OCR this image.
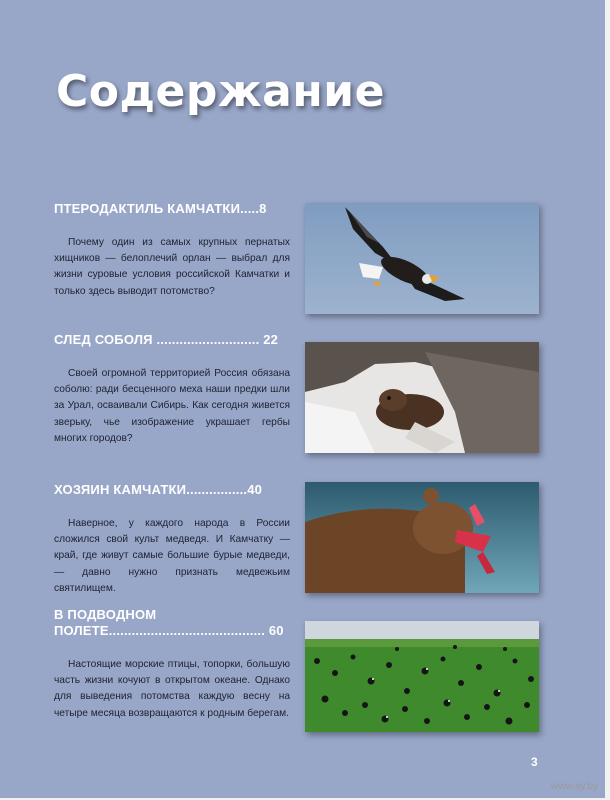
Содержание
ПТЕРОДАКТИЛЬ КАМЧАТКИ.....8
Почему один из самых крупных пернатых хищников — белоплечий орлан — выбрал для жизни суровые условия российской Камчатки и только здесь выводит потомство?
СЛЕД СОБОЛЯ ........................... 22
Своей огромной территорией Россия обязана соболю: ради бесценного меха наши предки шли за Урал, осваивали Сибирь. Как сегодня живется зверьку, чье изображение украшает гербы многих городов?
ХОЗЯИН КАМЧАТКИ................40
Наверное, у каждого народа в России сложился свой культ медведя. И Камчатку — край, где живут самые большие бурые медведи, — давно нужно признать медвежьим святилищем.
В ПОДВОДНОМ
ПОЛЕТЕ......................................... 60
Настоящие морские птицы, топорки, большую часть жизни кочуют в открытом океане. Однако для выведения потомства каждую весну на четыре месяца возвращаются к родным берегам.
3
www.ay.by
